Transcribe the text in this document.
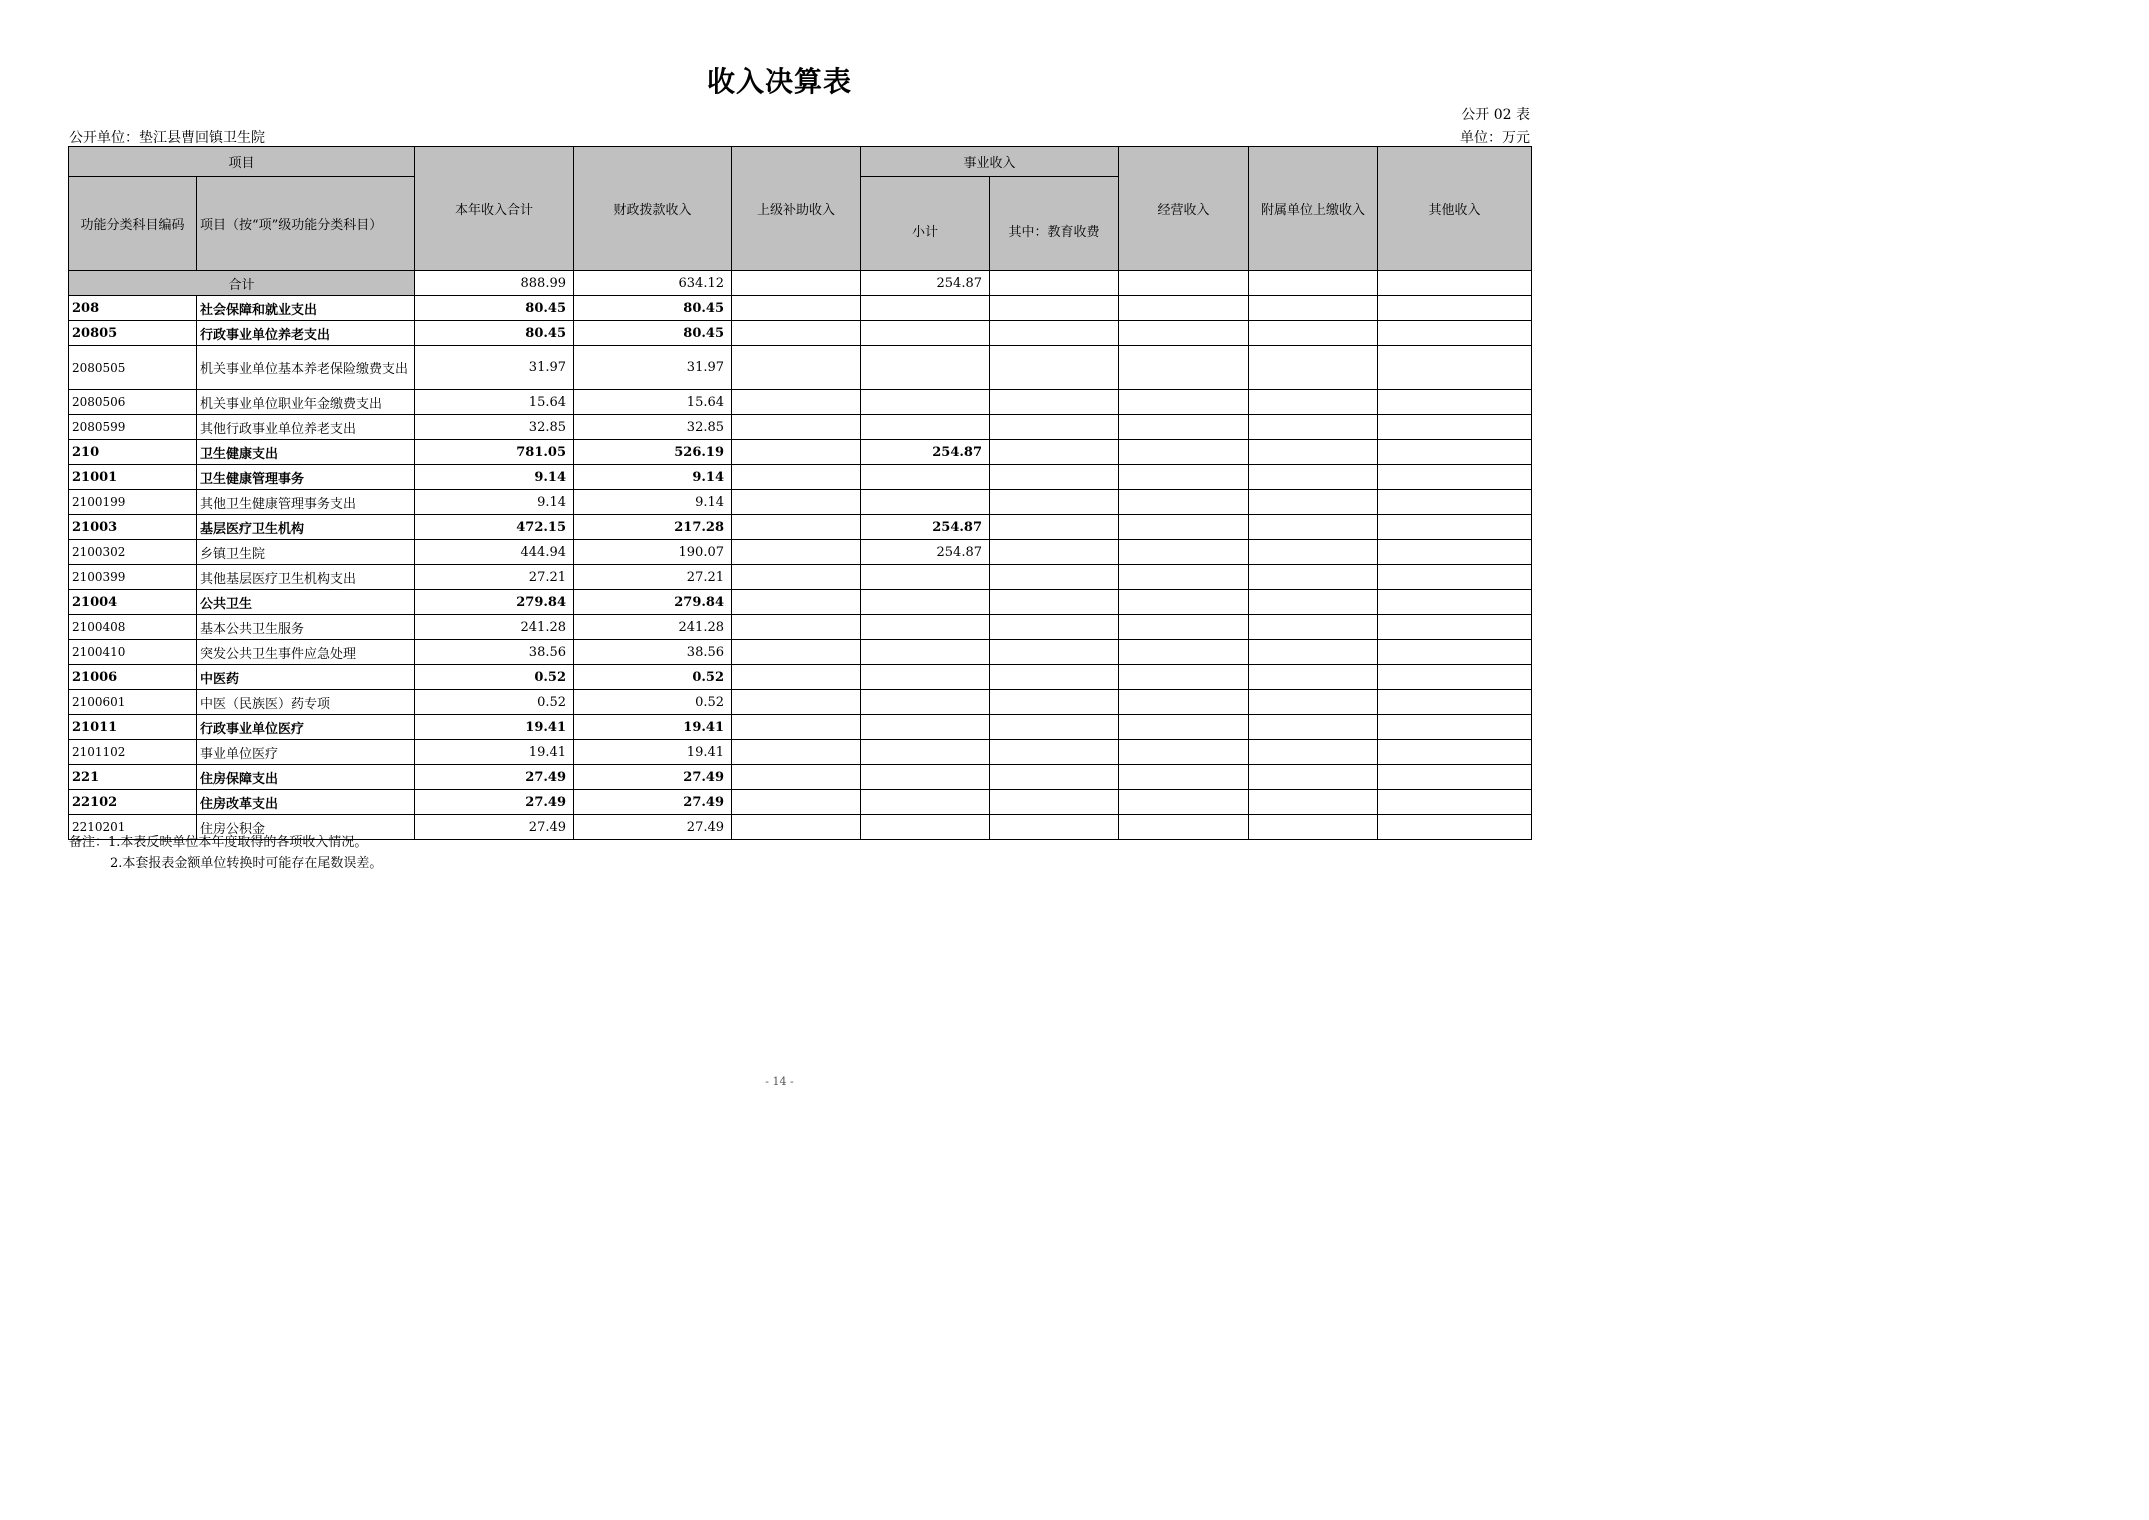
收入决算表
公开 02 表
公开单位：垫江县曹回镇卫生院	单位：万元
项目		本年收入合计	财政拨款收入	上级补助收入	事业收入		经营收入	附属单位上缴收入	其他收入
功能分类科目编码	项目（按“项”级功能分类科目）				小计	其中：教育收费			
合计		888.99	634.12		254.87				
208	社会保障和就业支出	80.45	80.45						
20805	行政事业单位养老支出	80.45	80.45						
2080505	机关事业单位基本养老保险缴费支出	31.97	31.97						
2080506	机关事业单位职业年金缴费支出	15.64	15.64						
2080599	其他行政事业单位养老支出	32.85	32.85						
210	卫生健康支出	781.05	526.19		254.87				
21001	卫生健康管理事务	9.14	9.14						
2100199	其他卫生健康管理事务支出	9.14	9.14						
21003	基层医疗卫生机构	472.15	217.28		254.87				
2100302	乡镇卫生院	444.94	190.07		254.87				
2100399	其他基层医疗卫生机构支出	27.21	27.21						
21004	公共卫生	279.84	279.84						
2100408	基本公共卫生服务	241.28	241.28						
2100410	突发公共卫生事件应急处理	38.56	38.56						
21006	中医药	0.52	0.52						
2100601	中医（民族医）药专项	0.52	0.52						
21011	行政事业单位医疗	19.41	19.41						
2101102	事业单位医疗	19.41	19.41						
221	住房保障支出	27.49	27.49						
22102	住房改革支出	27.49	27.49						
2210201	住房公积金	27.49	27.49						
备注：1.本表反映单位本年度取得的各项收入情况。
2.本套报表金额单位转换时可能存在尾数误差。
- 14 -
